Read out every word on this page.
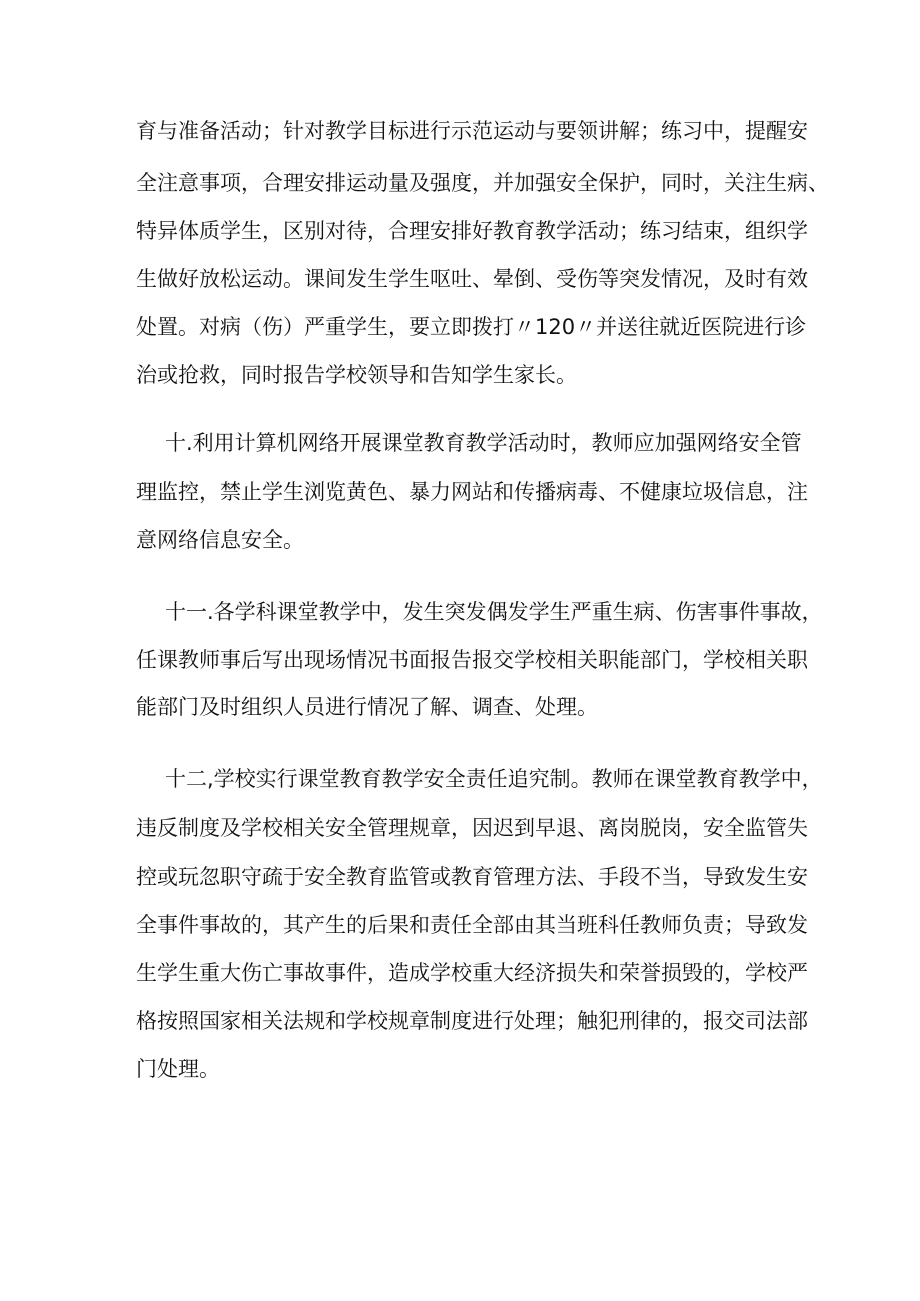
育与准备活动；针对教学目标进行示范运动与要领讲解；练习中，提醒安
全注意事项，合理安排运动量及强度，并加强安全保护，同时，关注生病、
特异体质学生，区别对待，合理安排好教育教学活动；练习结束，组织学
生做好放松运动。课间发生学生呕吐、晕倒、受伤等突发情况，及时有效
处置。对病（伤）严重学生，要立即拨打〃120〃并送往就近医院进行诊
治或抢救，同时报告学校领导和告知学生家长。
十.利用计算机网络开展课堂教育教学活动时，教师应加强网络安全管
理监控，禁止学生浏览黄色、暴力网站和传播病毒、不健康垃圾信息，注
意网络信息安全。
十一.各学科课堂教学中，发生突发偶发学生严重生病、伤害事件事故，
任课教师事后写出现场情况书面报告报交学校相关职能部门，学校相关职
能部门及时组织人员进行情况了解、调查、处理。
十二,学校实行课堂教育教学安全责任追究制。教师在课堂教育教学中，
违反制度及学校相关安全管理规章，因迟到早退、离岗脱岗，安全监管失
控或玩忽职守疏于安全教育监管或教育管理方法、手段不当，导致发生安
全事件事故的，其产生的后果和责任全部由其当班科任教师负责；导致发
生学生重大伤亡事故事件，造成学校重大经济损失和荣誉损毁的，学校严
格按照国家相关法规和学校规章制度进行处理；触犯刑律的，报交司法部
门处理。
